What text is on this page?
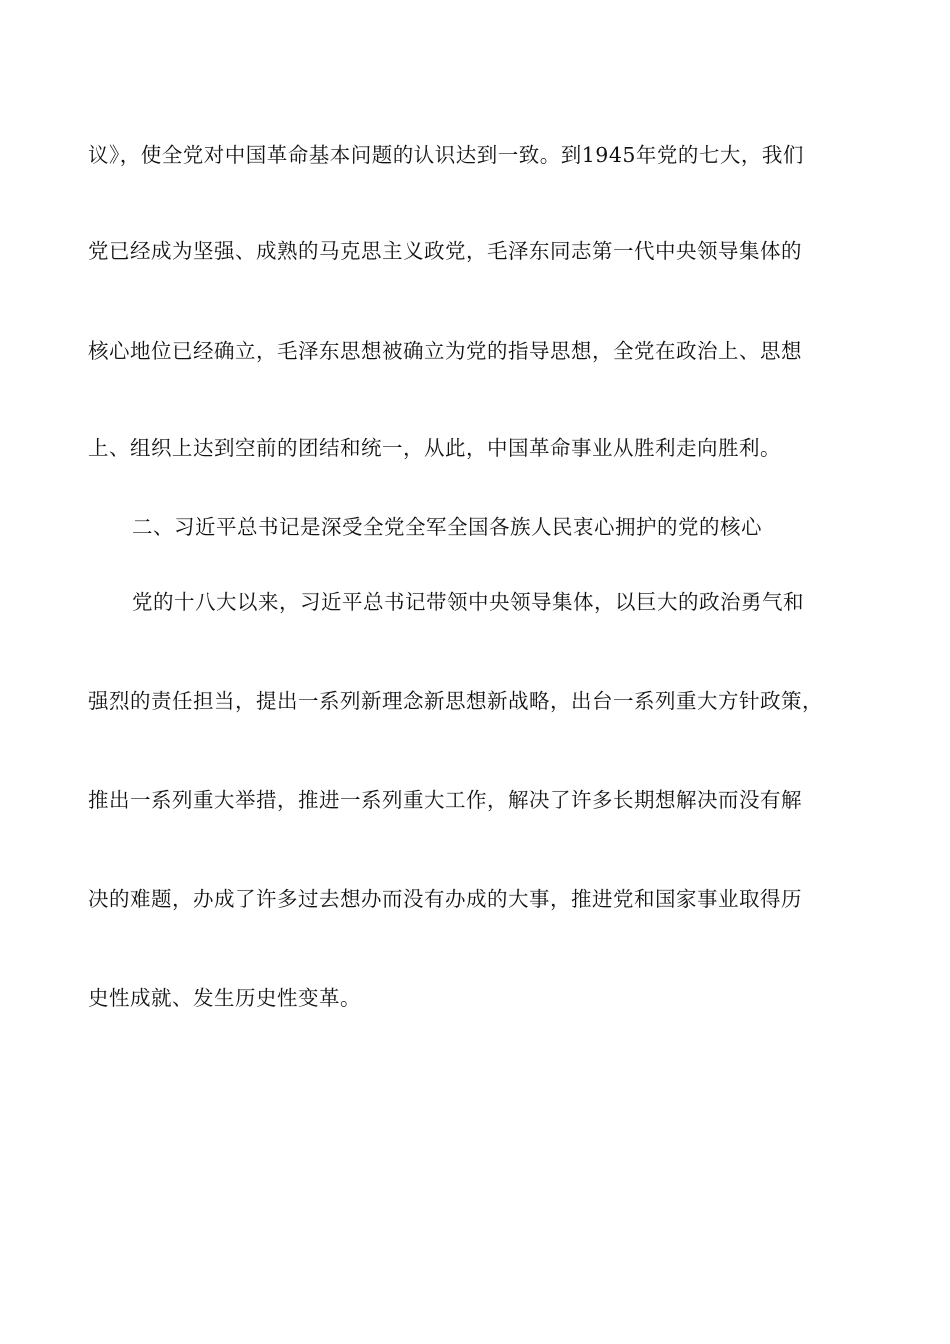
议》，使全党对中国革命基本问题的认识达到一致。到1945年党的七大，我们
党已经成为坚强、成熟的马克思主义政党，毛泽东同志第一代中央领导集体的
核心地位已经确立，毛泽东思想被确立为党的指导思想，全党在政治上、思想
上、组织上达到空前的团结和统一，从此，中国革命事业从胜利走向胜利。
二、习近平总书记是深受全党全军全国各族人民衷心拥护的党的核心
党的十八大以来，习近平总书记带领中央领导集体，以巨大的政治勇气和
强烈的责任担当，提出一系列新理念新思想新战略，出台一系列重大方针政策，
推出一系列重大举措，推进一系列重大工作，解决了许多长期想解决而没有解
决的难题，办成了许多过去想办而没有办成的大事，推进党和国家事业取得历
史性成就、发生历史性变革。
